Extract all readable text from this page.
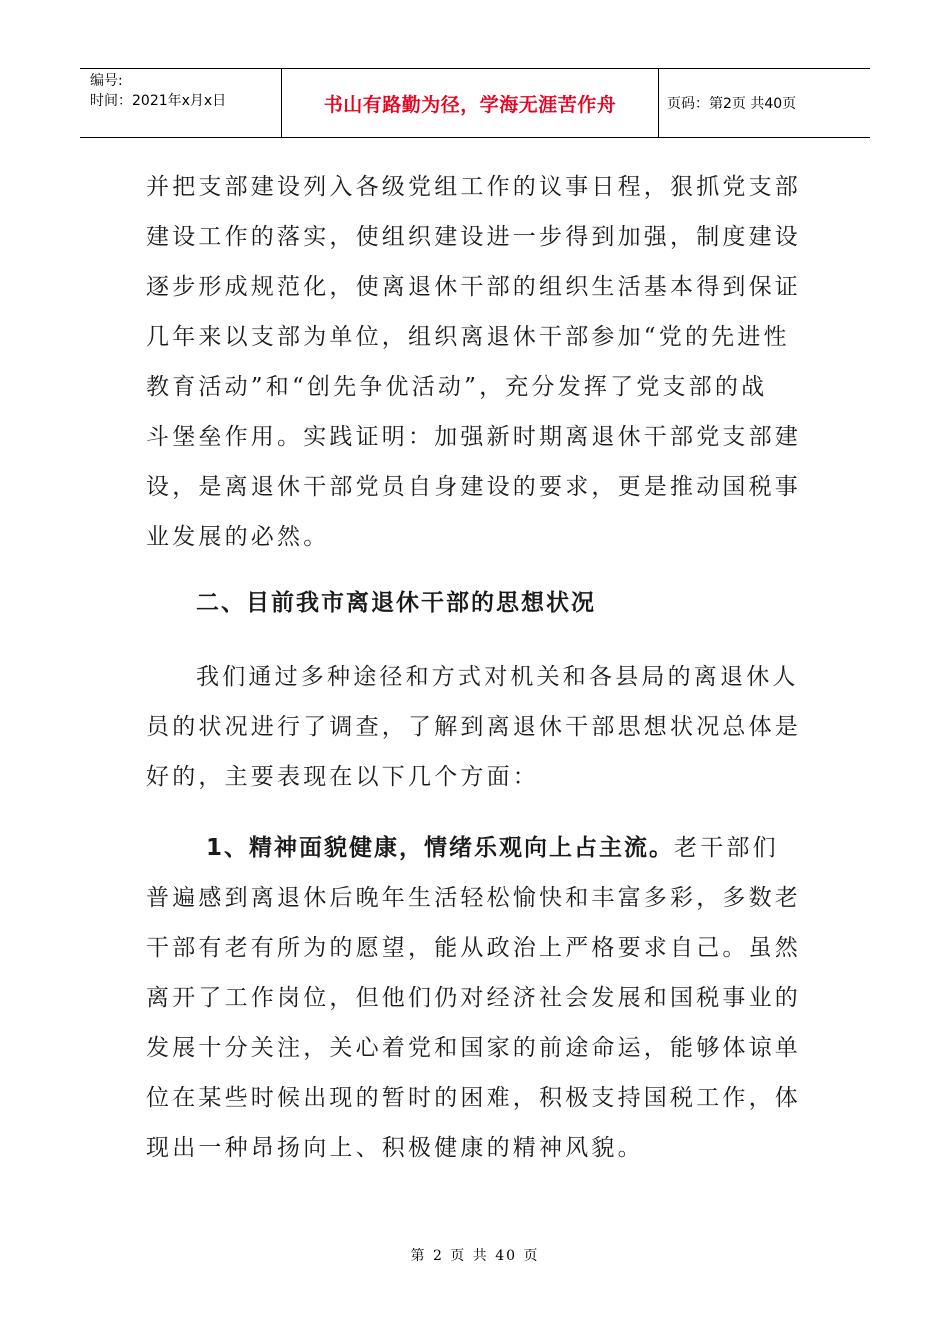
编号:
时间：2021年x月x日	书山有路勤为径，学海无涯苦作舟	页码：第2页 共40页
并把支部建设列入各级党组工作的议事日程，狠抓党支部
建设工作的落实，使组织建设进一步得到加强，制度建设
逐步形成规范化，使离退休干部的组织生活基本得到保证
几年来以支部为单位，组织离退休干部参加“党的先进性
教育活动”和“创先争优活动”，充分发挥了党支部的战
斗堡垒作用。实践证明：加强新时期离退休干部党支部建
设，是离退休干部党员自身建设的要求，更是推动国税事
业发展的必然。
二、目前我市离退休干部的思想状况
我们通过多种途径和方式对机关和各县局的离退休人
员的状况进行了调查，了解到离退休干部思想状况总体是
好的，主要表现在以下几个方面：
1、精神面貌健康，情绪乐观向上占主流。老干部们
普遍感到离退休后晚年生活轻松愉快和丰富多彩，多数老
干部有老有所为的愿望，能从政治上严格要求自己。虽然
离开了工作岗位，但他们仍对经济社会发展和国税事业的
发展十分关注，关心着党和国家的前途命运，能够体谅单
位在某些时候出现的暂时的困难，积极支持国税工作，体
现出一种昂扬向上、积极健康的精神风貌。
第 2 页 共 40 页
